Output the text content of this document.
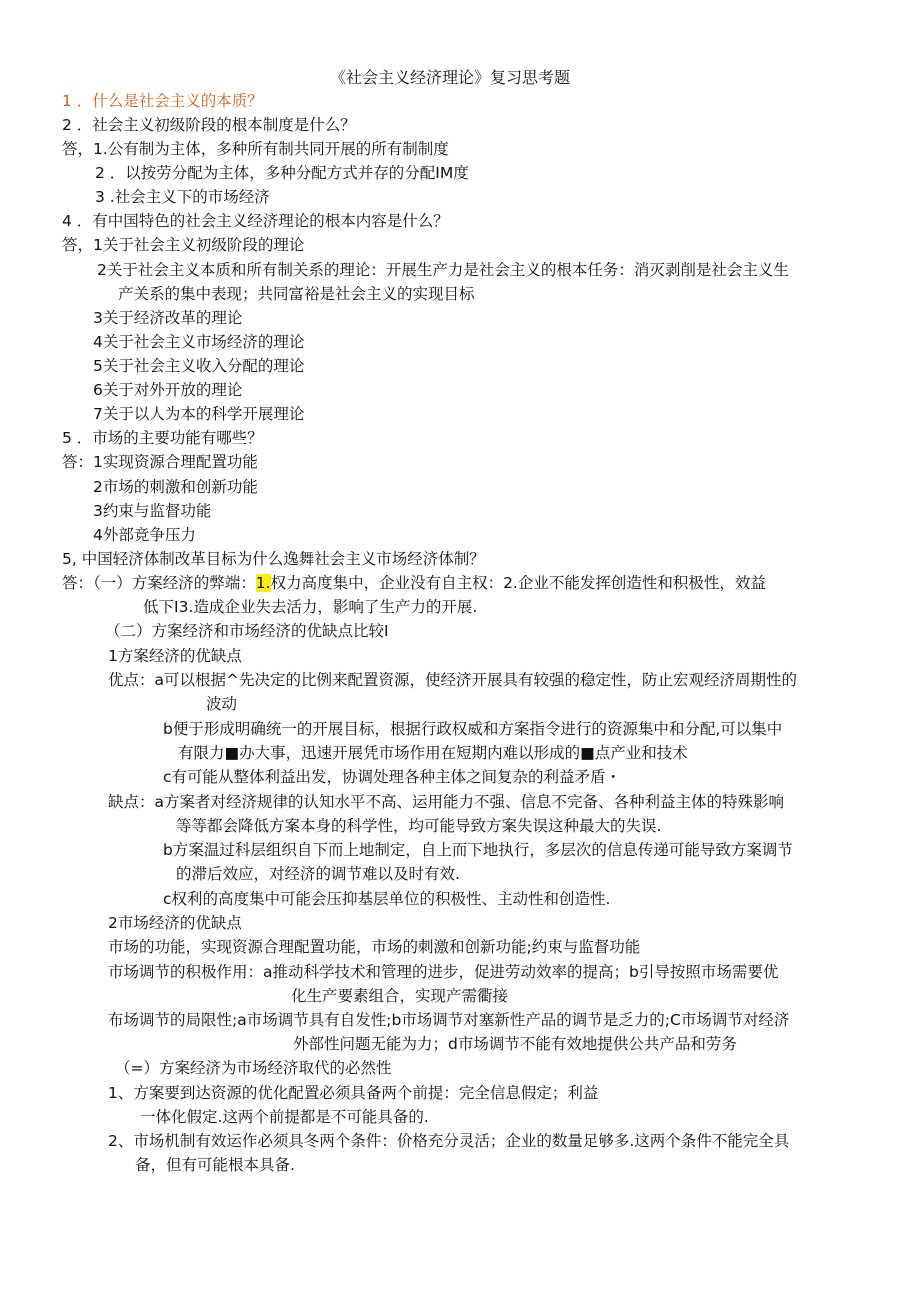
《社会主义经济理论》复习思考题
1 ．什么是社会主义的本质？
2 ．社会主义初级阶段的根本制度是什么？
答，1.公有制为主体，多种所有制共同开展的所有制制度
2 ．以按劳分配为主体，多种分配方式并存的分配IM度
3 .社会主义下的市场经济
4 ．有中国特色的社会主义经济理论的根本内容是什么？
答，1关于社会主义初级阶段的理论
2关于社会主义本质和所有制关系的理论：开展生产力是社会主义的根本任务：消灭剥削是社会主义生
产关系的集中表现；共同富裕是社会主义的实现目标
3关于经济改革的理论
4关于社会主义市场经济的理论
5关于社会主义收入分配的理论
6关于对外开放的理论
7关于以人为本的科学开展理论
5 ．市场的主要功能有哪些？
答：1实现资源合理配置功能
2市场的刺激和创新功能
3约束与监督功能
4外部竞争压力
5, 中国轻济体制改革目标为什么逸舞社会主义市场经济体制？
答：（一）方案经济的弊端：1.权力高度集中，企业没有自主权：2.企业不能发挥创造性和积极性，效益
低下I3.造成企业失去活力，影响了生产力的开展.
（二）方案经济和市场经济的优缺点比较I
1方案经济的优缺点
优点：a可以根据^先决定的比例来配置资源，使经济开展具有较强的稳定性，防止宏观经济周期性的
波动
b便于形成明确统一的开展目标，根据行政权威和方案指令进行的资源集中和分配,可以集中
有限力■办大事，迅速开展凭市场作用在短期内难以形成的■点产业和技术
c有可能从整体利益出发，协调处理各种主体之间复杂的利益矛盾・
缺点：a方案者对经济规律的认知水平不高、运用能力不强、信息不完备、各种利益主体的特殊影响
等等都会降低方案本身的科学性，均可能导致方案失误这种最大的失误.
b方案温过科层组织自下而上地制定，自上而下地执行，多层次的信息传递可能导致方案调节
的滞后效应，对经济的调节难以及时有效.
c权利的高度集中可能会压抑基层单位的积极性、主动性和创造性.
2市场经济的优缺点
市场的功能，实现资源合理配置功能，市场的刺激和创新功能;约束与监督功能
市场调节的积极作用：a推动科学技术和管理的进步，促进劳动效率的提高；b引导按照市场需要优
化生产要素组合，实现产需衢接
布场调节的局限性;a市场调节具有自发性;b市场调节对塞新性产品的调节是乏力的;C市场调节对经济
外部性问题无能为力；d市场调节不能有效地提供公共产品和劳务
（=）方案经济为市场经济取代的必然性
1、方案要到达资源的优化配置必须具备两个前提：完全信息假定；利益
一体化假定.这两个前提都是不可能具备的.
2、市场机制有效运作必须具冬两个条件：价格充分灵活；企业的数量足够多.这两个条件不能完全具
备，但有可能根本具备.
